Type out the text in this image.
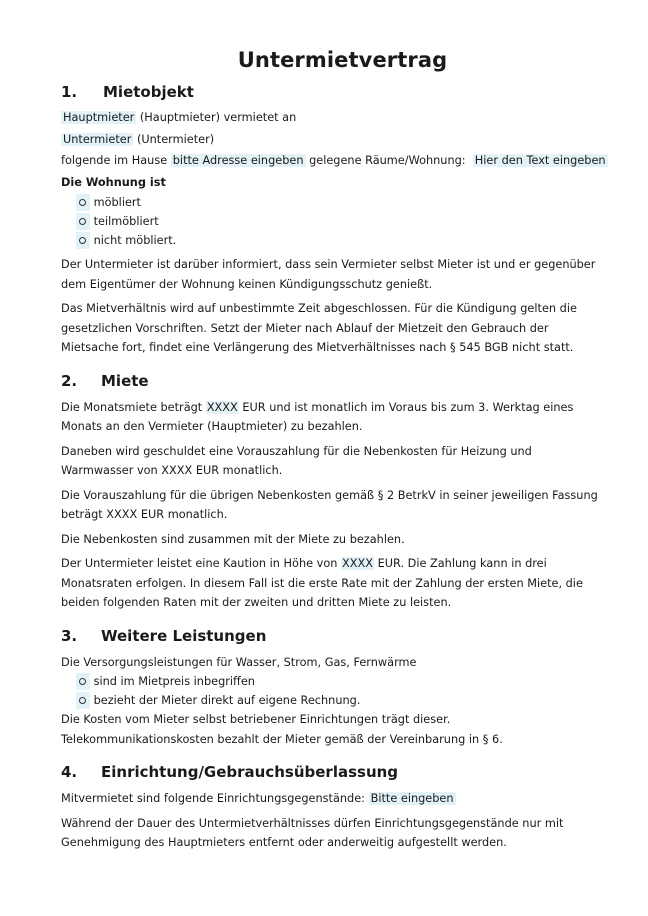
Untermietvertrag
1.	Mietobjekt
Hauptmieter (Hauptmieter) vermietet an
Untermieter (Untermieter)
folgende im Hause bitte Adresse eingeben gelegene Räume/Wohnung:  Hier den Text eingeben
Die Wohnung ist

möbliert

teilmöbliert

nicht möbliert.

Der Untermieter ist darüber informiert, dass sein Vermieter selbst Mieter ist und er gegenüber dem Eigentümer der Wohnung keinen Kündigungsschutz genießt.

Das Mietverhältnis wird auf unbestimmte Zeit abgeschlossen. Für die Kündigung gelten die gesetzlichen Vorschriften. Setzt der Mieter nach Ablauf der Mietzeit den Gebrauch der Mietsache fort, findet eine Verlängerung des Mietverhältnisses nach § 545 BGB nicht statt.

2.	Miete

Die Monatsmiete beträgt XXXX EUR und ist monatlich im Voraus bis zum 3. Werktag eines Monats an den Vermieter (Hauptmieter) zu bezahlen.

Daneben wird geschuldet eine Vorauszahlung für die Nebenkosten für Heizung und Warmwasser von XXXX EUR monatlich.

Die Vorauszahlung für die übrigen Nebenkosten gemäß § 2 BetrkV in seiner jeweiligen Fassung beträgt XXXX EUR monatlich.

Die Nebenkosten sind zusammen mit der Miete zu bezahlen.

Der Untermieter leistet eine Kaution in Höhe von XXXX EUR. Die Zahlung kann in drei Monatsraten erfolgen. In diesem Fall ist die erste Rate mit der Zahlung der ersten Miete, die beiden folgenden Raten mit der zweiten und dritten Miete zu leisten.

3.	Weitere Leistungen

Die Versorgungsleistungen für Wasser, Strom, Gas, Fernwärme

sind im Mietpreis inbegriffen

bezieht der Mieter direkt auf eigene Rechnung.

Die Kosten vom Mieter selbst betriebener Einrichtungen trägt dieser. Telekommunikationskosten bezahlt der Mieter gemäß der Vereinbarung in § 6.

4.	Einrichtung/Gebrauchsüberlassung

Mitvermietet sind folgende Einrichtungsgegenstände: Bitte eingeben

Während der Dauer des Untermietverhältnisses dürfen Einrichtungsgegenstände nur mit Genehmigung des Hauptmieters entfernt oder anderweitig aufgestellt werden.
